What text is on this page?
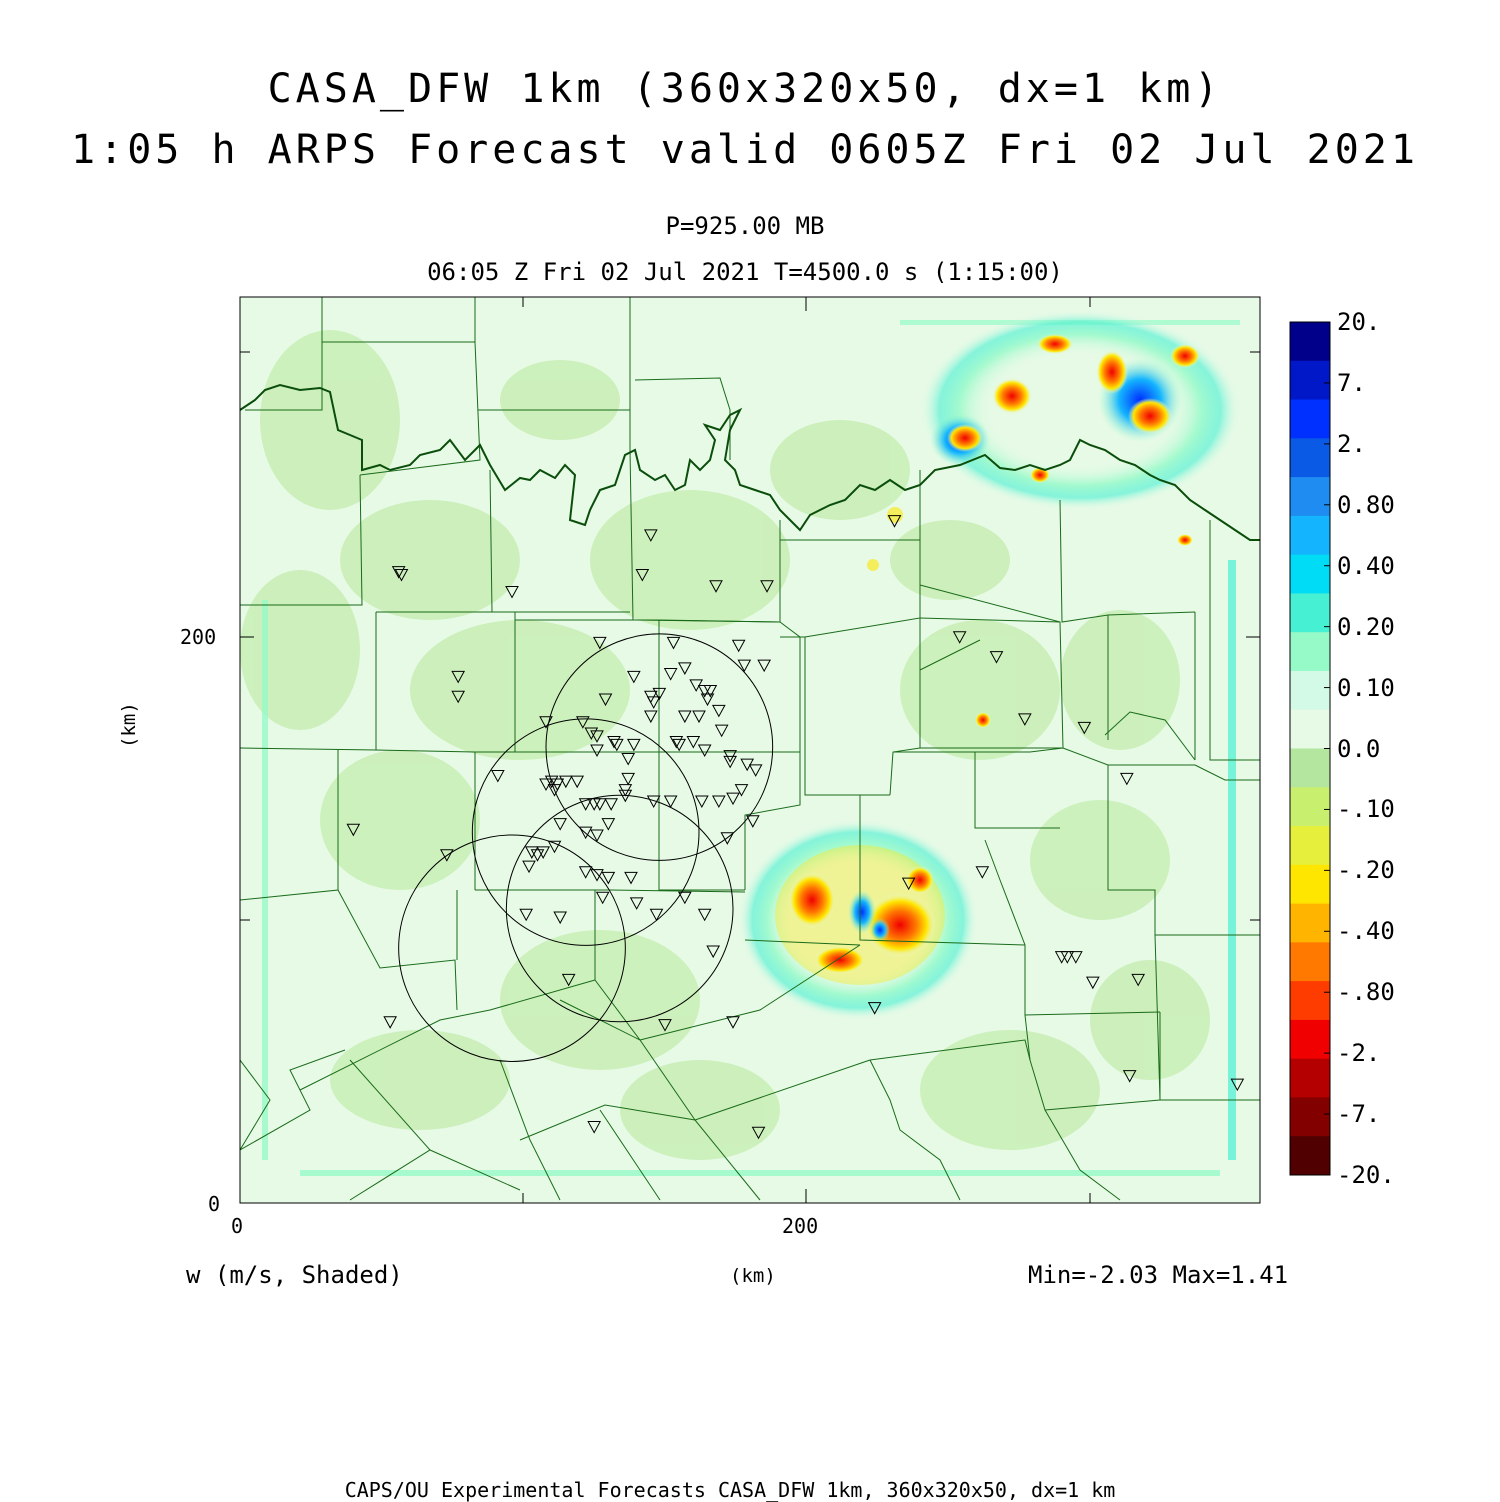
CASA_DFW 1km (360x320x50, dx=1 km)
1:05 h ARPS Forecast valid 0605Z Fri 02 Jul 2021
P=925.00 MB
06:05 Z Fri 02 Jul 2021 T=4500.0 s (1:15:00)
200
0
0	200
(km)
(km)
w (m/s, Shaded)	Min=-2.03 Max=1.41
CAPS/OU Experimental Forecasts CASA_DFW 1km, 360x320x50, dx=1 km
20.
7.
2.
0.80
0.40
0.20
0.10
0.0
-.10
-.20
-.40
-.80
-2.
-7.
-20.
